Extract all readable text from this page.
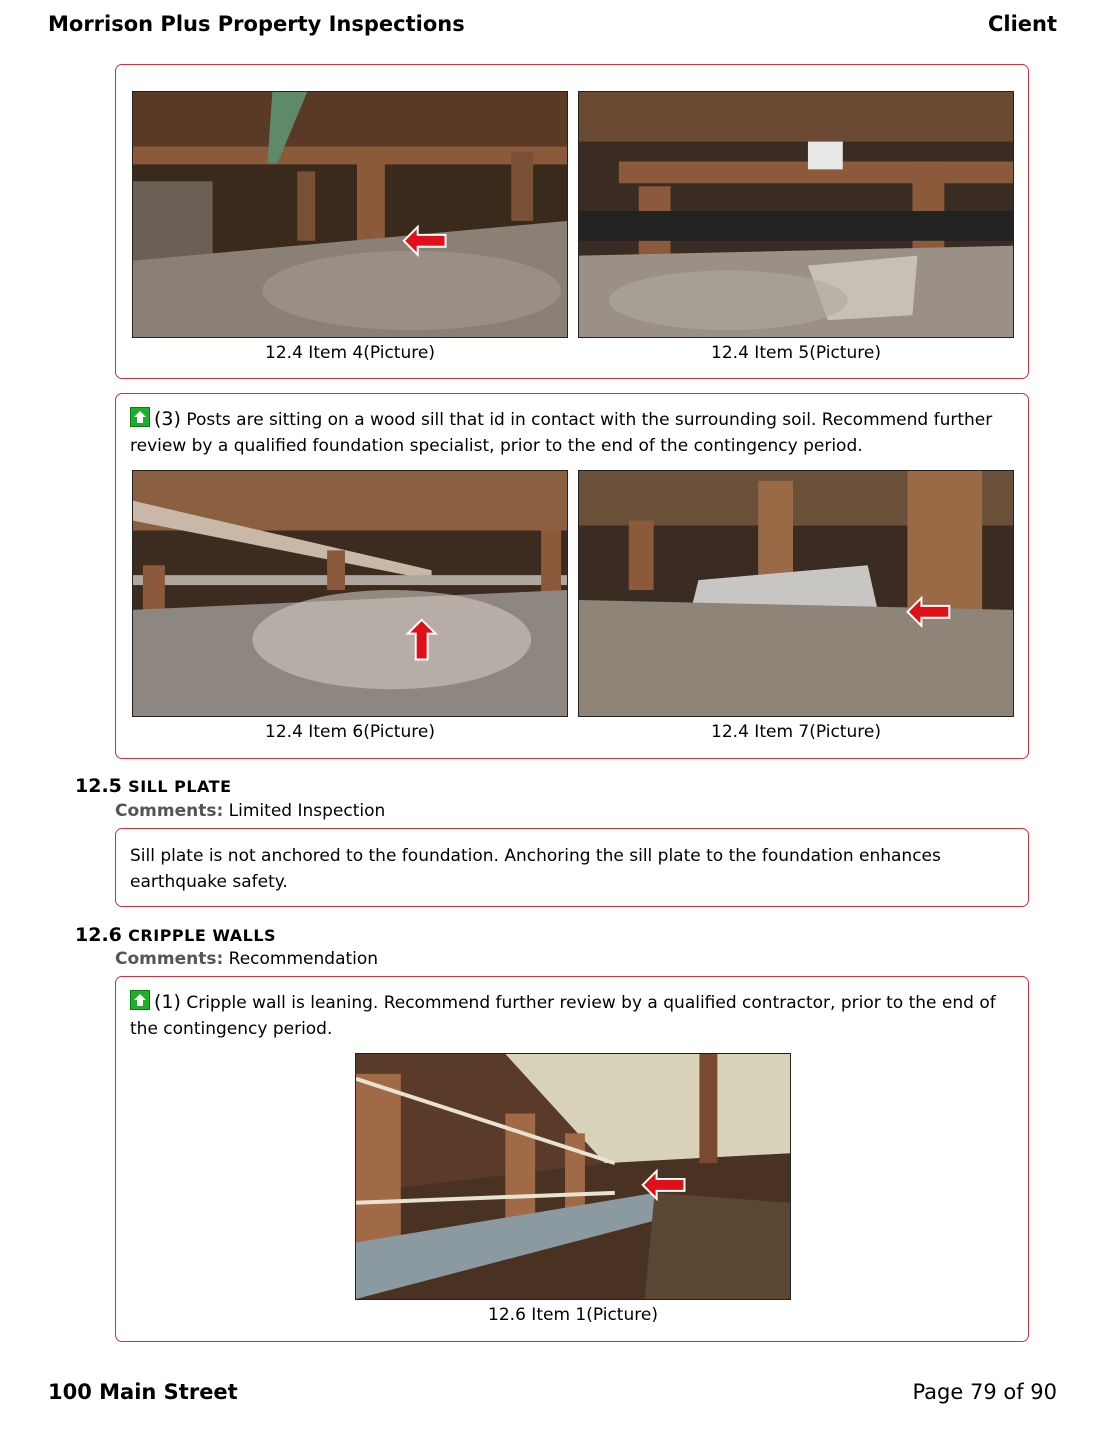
Morrison Plus Property Inspections	Client
12.4 Item 4(Picture)	12.4 Item 5(Picture)
(3) Posts are sitting on a wood sill that id in contact with the surrounding soil. Recommend further review by a qualified foundation specialist, prior to the end of the contingency period.
12.4 Item 6(Picture)	12.4 Item 7(Picture)
12.5 SILL PLATE
Comments: Limited Inspection
Sill plate is not anchored to the foundation. Anchoring the sill plate to the foundation enhances earthquake safety.
12.6 CRIPPLE WALLS
Comments: Recommendation
(1) Cripple wall is leaning. Recommend further review by a qualified contractor, prior to the end of the contingency period.
12.6 Item 1(Picture)
100 Main Street	Page 79 of 90
